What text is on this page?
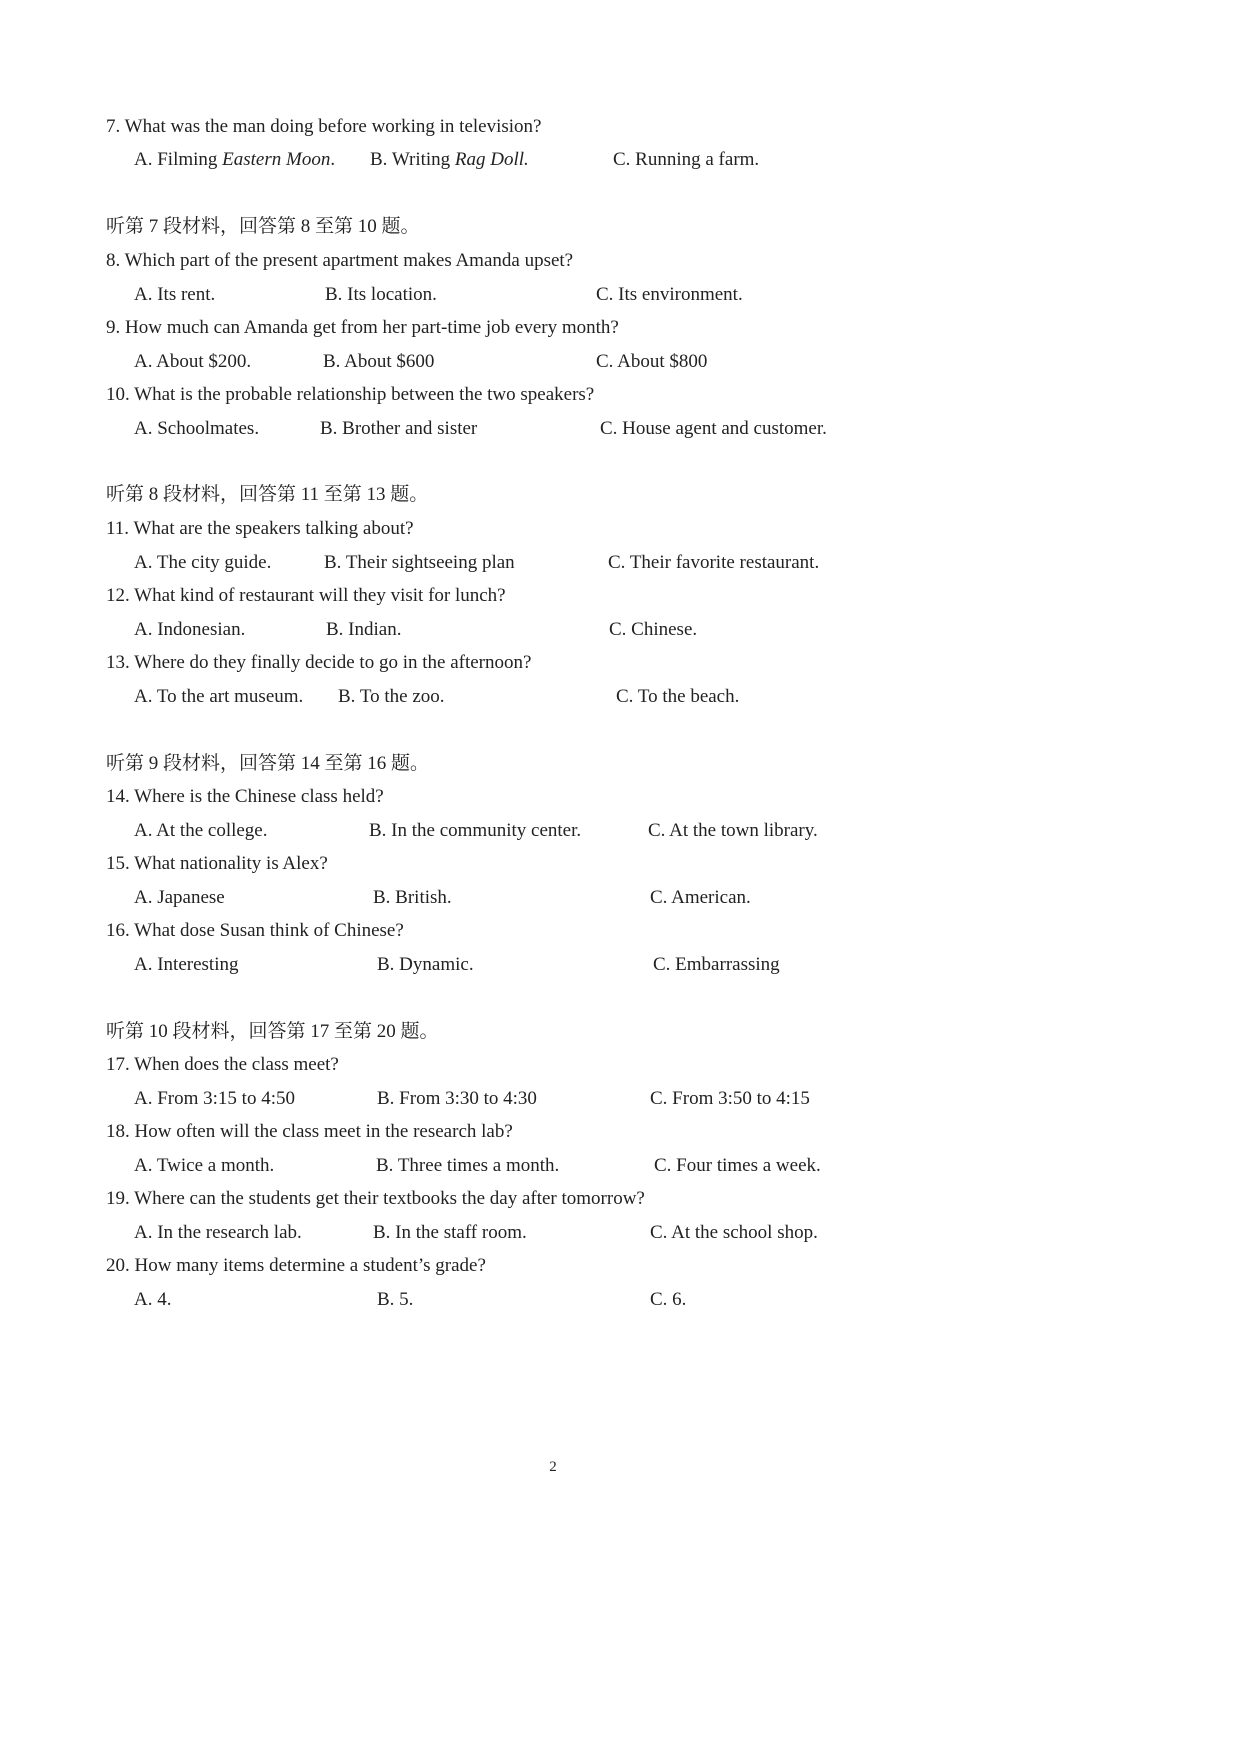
7. What was the man doing before working in television?
A. Filming Eastern Moon. B. Writing Rag Doll.	C. Running a farm.
听第 7 段材料，回答第 8 至第 10 题。
8. Which part of the present apartment makes Amanda upset?
A. Its rent.	B. Its location.	C. Its environment.
9. How much can Amanda get from her part-time job every month?
A. About $200.	B. About $600	C. About $800
10. What is the probable relationship between the two speakers?
A. Schoolmates.	B. Brother and sister	C. House agent and customer.
听第 8 段材料，回答第 11 至第 13 题。
11. What are the speakers talking about?
A. The city guide.	B. Their sightseeing plan	C. Their favorite restaurant.
12. What kind of restaurant will they visit for lunch?
A. Indonesian.	B. Indian.	C. Chinese.
13. Where do they finally decide to go in the afternoon?
A. To the art museum. B. To the zoo.	C. To the beach.
听第 9 段材料，回答第 14 至第 16 题。
14. Where is the Chinese class held?
A. At the college.	B. In the community center.	C. At the town library.
15. What nationality is Alex?
A. Japanese	B. British.	C. American.
16. What dose Susan think of Chinese?
A. Interesting	B. Dynamic.	C. Embarrassing
听第 10 段材料，回答第 17 至第 20 题。
17. When does the class meet?
A. From 3:15 to 4:50	B. From 3:30 to 4:30	C. From 3:50 to 4:15
18. How often will the class meet in the research lab?
A. Twice a month.	B. Three times a month.	C. Four times a week.
19. Where can the students get their textbooks the day after tomorrow?
A. In the research lab.	B. In the staff room.	C. At the school shop.
20. How many items determine a student’s grade?
A. 4.	B. 5.	C. 6.
2
